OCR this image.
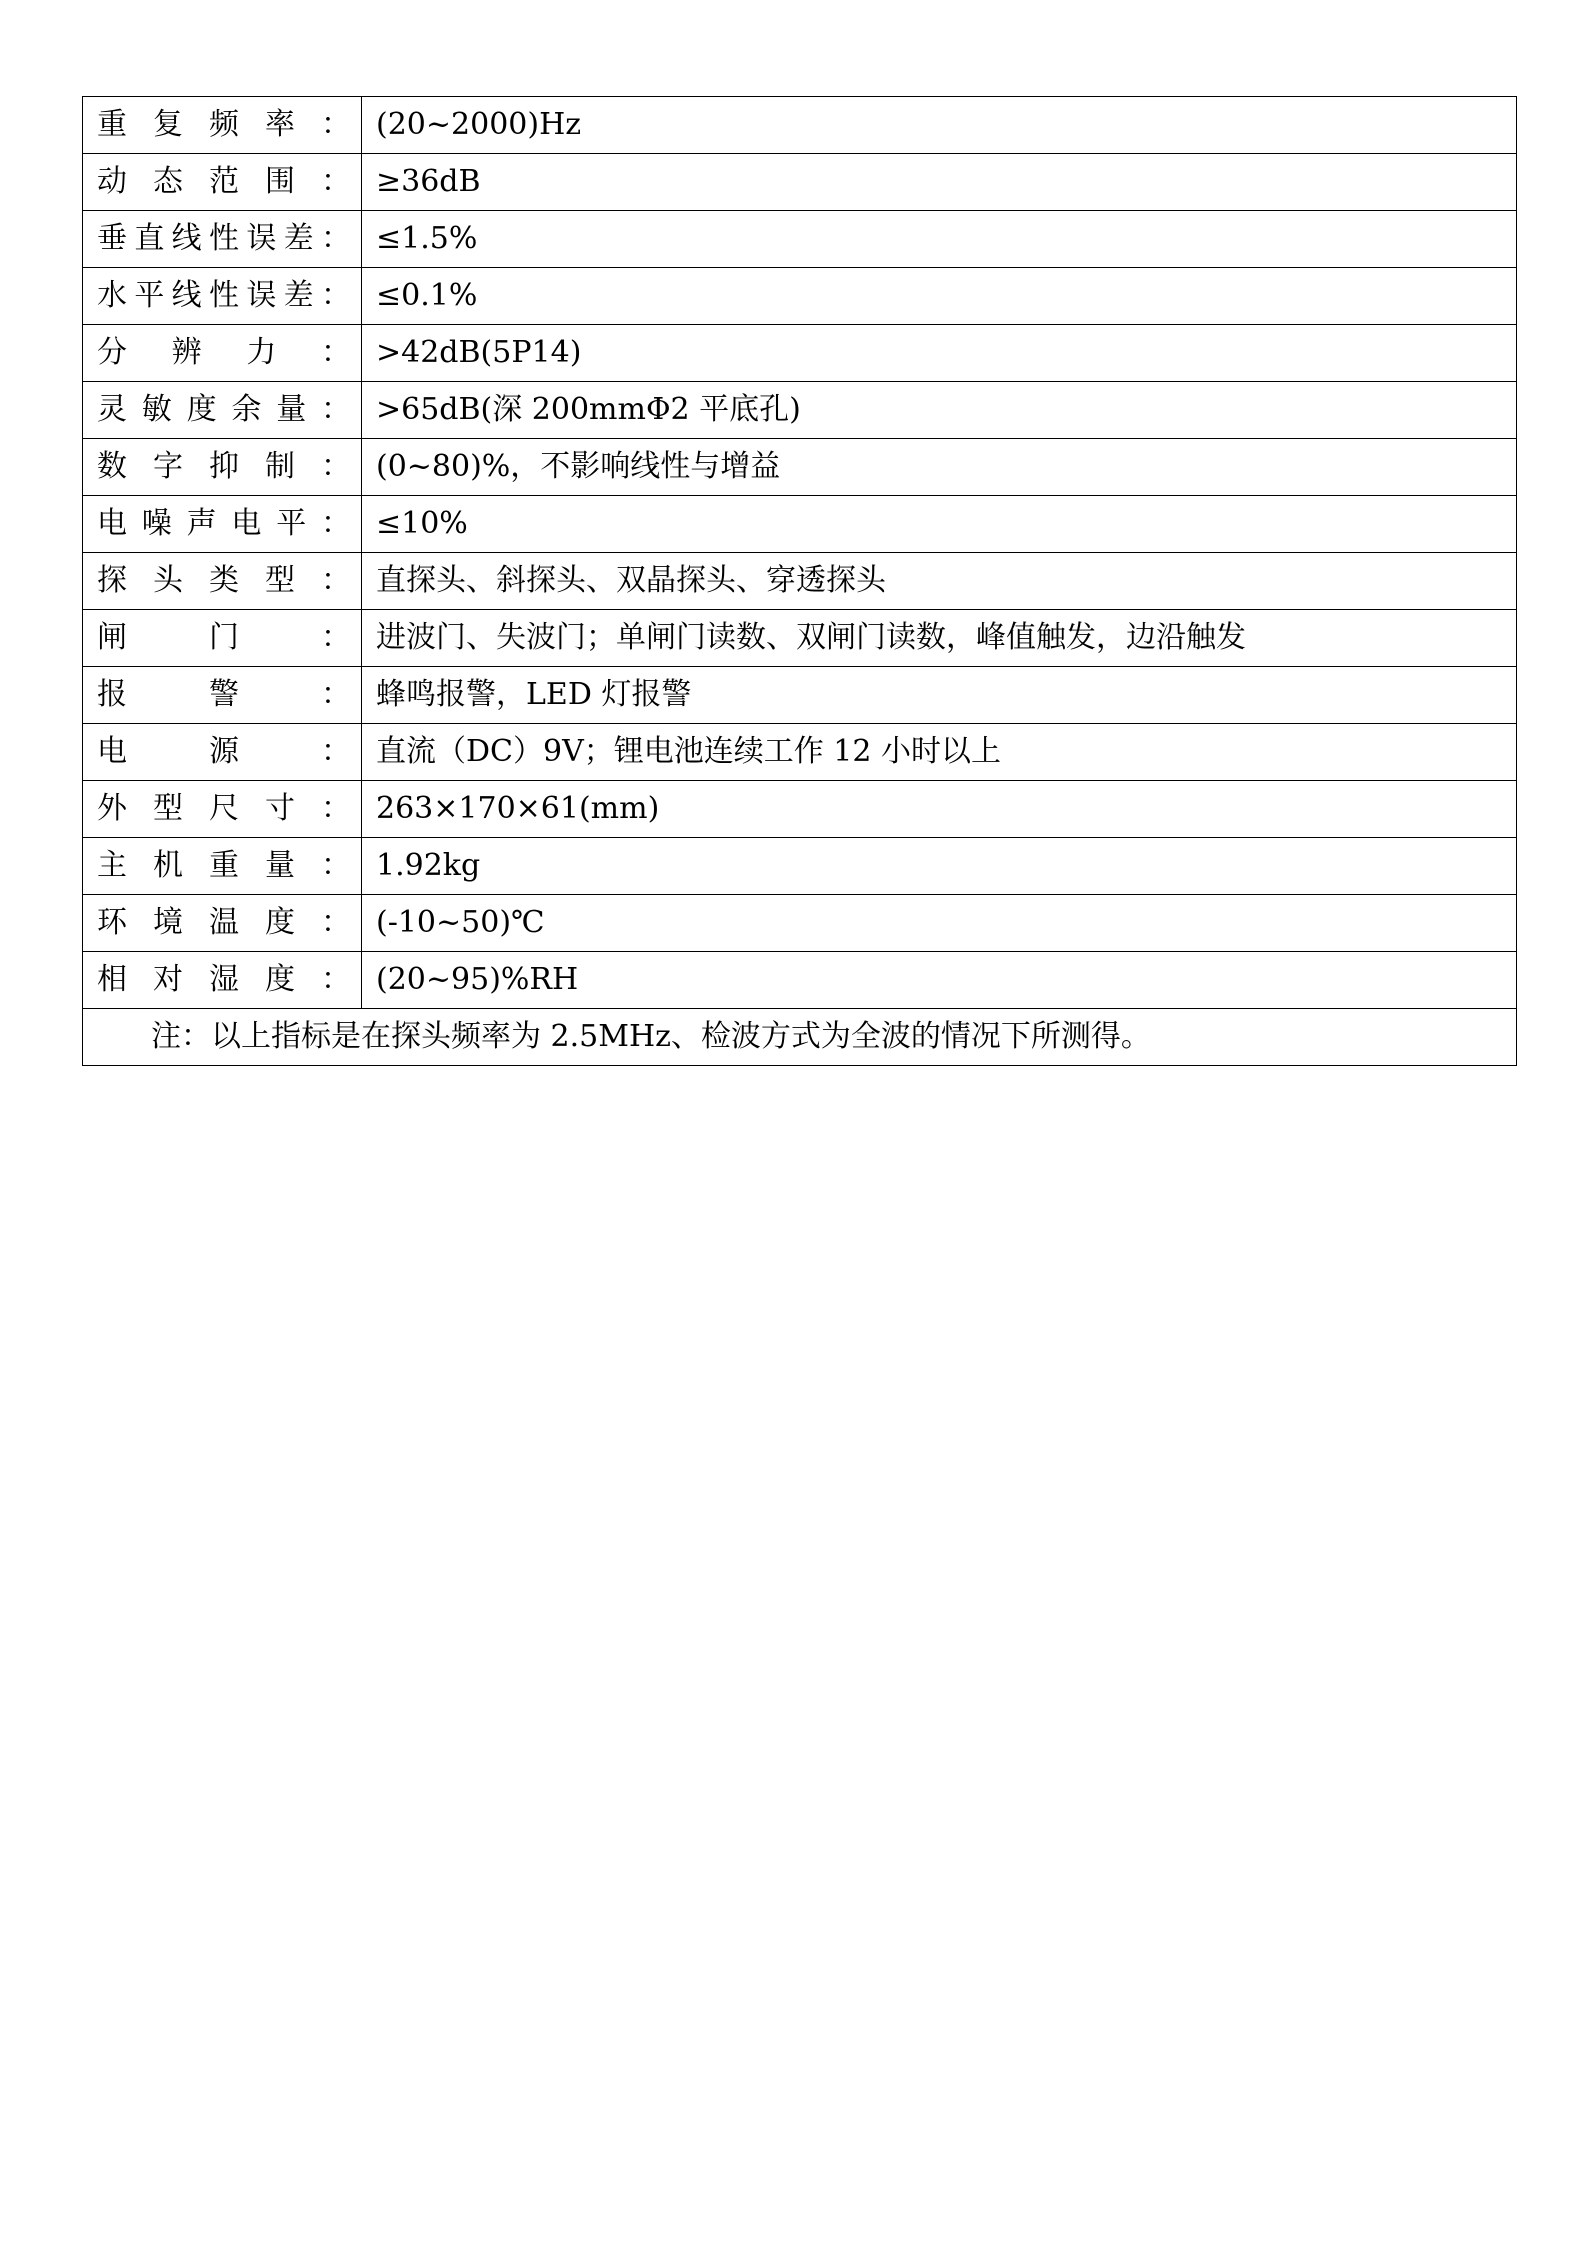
重 复 频 率 ：	(20~2000)Hz

动 态 范 围 ：	≥36dB

垂直线性误差：	≤1.5%

水平线性误差：	≤0.1%

分 辨 力 ：	>42dB(5P14)

灵 敏 度 余 量 ：	>65dB(深 200mmΦ2 平底孔)

数 字 抑 制 ：	(0~80)%，不影响线性与增益

电 噪 声 电 平 ：	≤10%

探 头 类 型 ：	直探头、斜探头、双晶探头、穿透探头

闸 门 ：	进波门、失波门；单闸门读数、双闸门读数，峰值触发，边沿触发

报 警 ：	蜂鸣报警，LED 灯报警

电 源 ：	直流（DC）9V；锂电池连续工作 12 小时以上

外 型 尺 寸 ：	263×170×61(mm)

主 机 重 量 ：	1.92kg

环 境 温 度 ：	(-10~50)℃

相 对 湿 度 ：	(20~95)%RH
注：以上指标是在探头频率为 2.5MHz、检波方式为全波的情况下所测得。	
